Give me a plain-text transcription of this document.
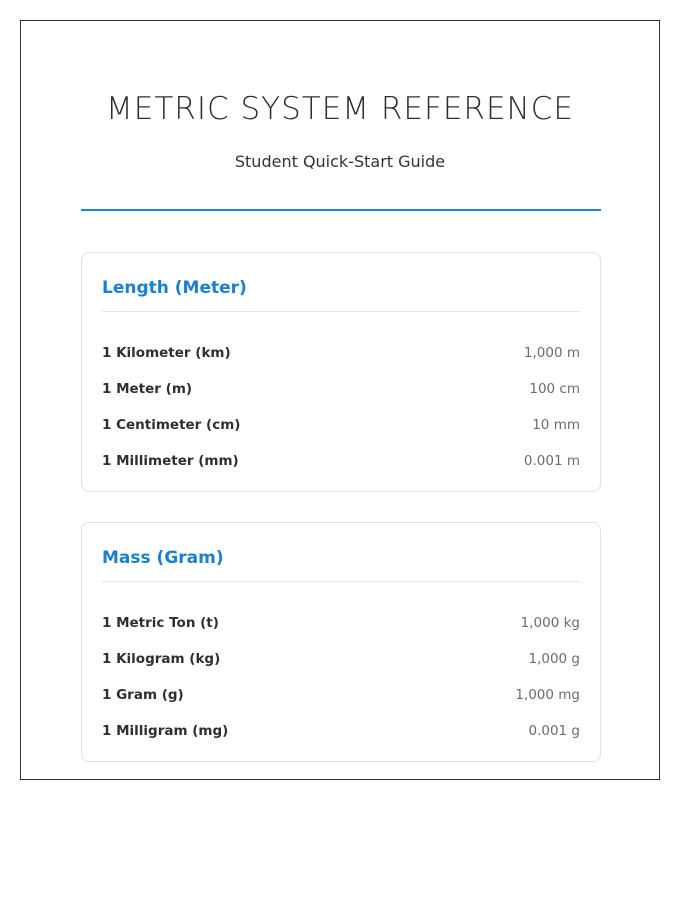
METRIC SYSTEM REFERENCE
Student Quick-Start Guide
Length (Meter)
1 Kilometer (km)	1,000 m
1 Meter (m)	100 cm
1 Centimeter (cm)	10 mm
1 Millimeter (mm)	0.001 m
Mass (Gram)
1 Metric Ton (t)	1,000 kg
1 Kilogram (kg)	1,000 g
1 Gram (g)	1,000 mg
1 Milligram (mg)	0.001 g
